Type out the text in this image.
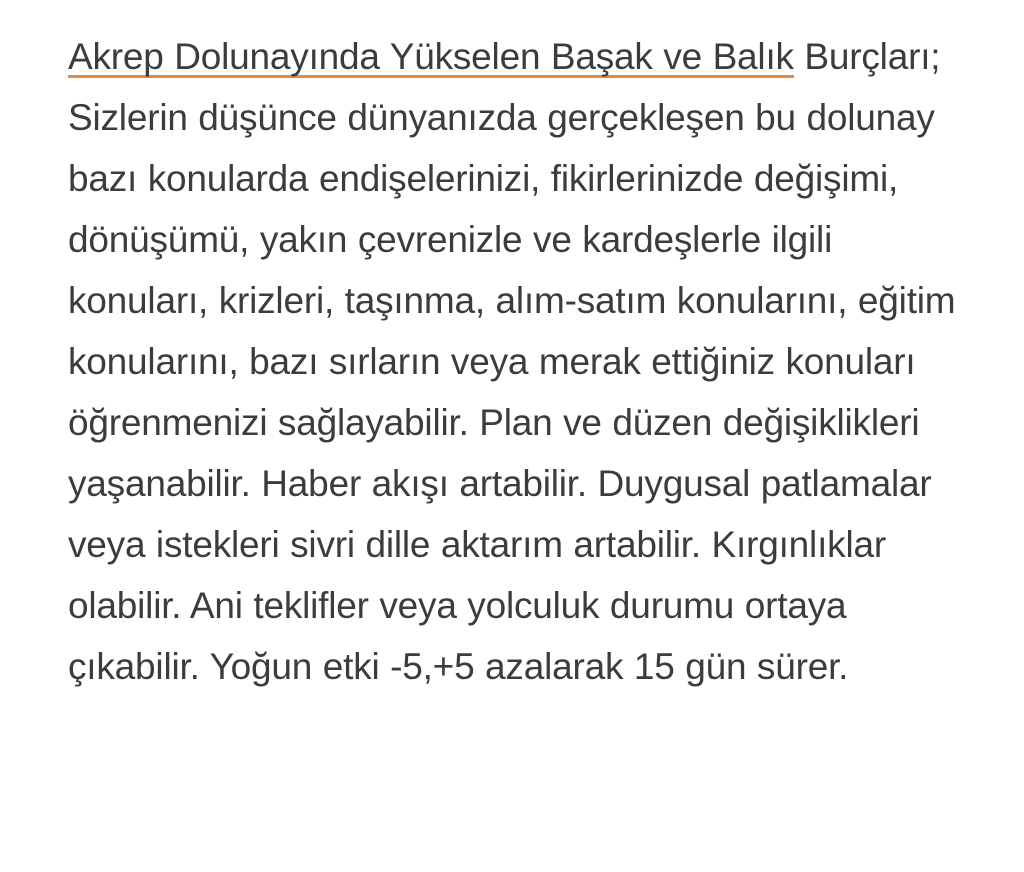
Akrep Dolunayında Yükselen Başak ve Balık Burçları; Sizlerin düşünce dünyanızda gerçekleşen bu dolunay bazı konularda endişelerinizi, fikirlerinizde değişimi, dönüşümü, yakın çevrenizle ve kardeşlerle ilgili konuları, krizleri, taşınma, alım-satım konularını, eğitim konularını, bazı sırların veya merak ettiğiniz konuları öğrenmenizi sağlayabilir. Plan ve düzen değişiklikleri yaşanabilir. Haber akışı artabilir. Duygusal patlamalar veya istekleri sivri dille aktarım artabilir. Kırgınlıklar olabilir. Ani teklifler veya yolculuk durumu ortaya çıkabilir. Yoğun etki -5,+5 azalarak 15 gün sürer.
